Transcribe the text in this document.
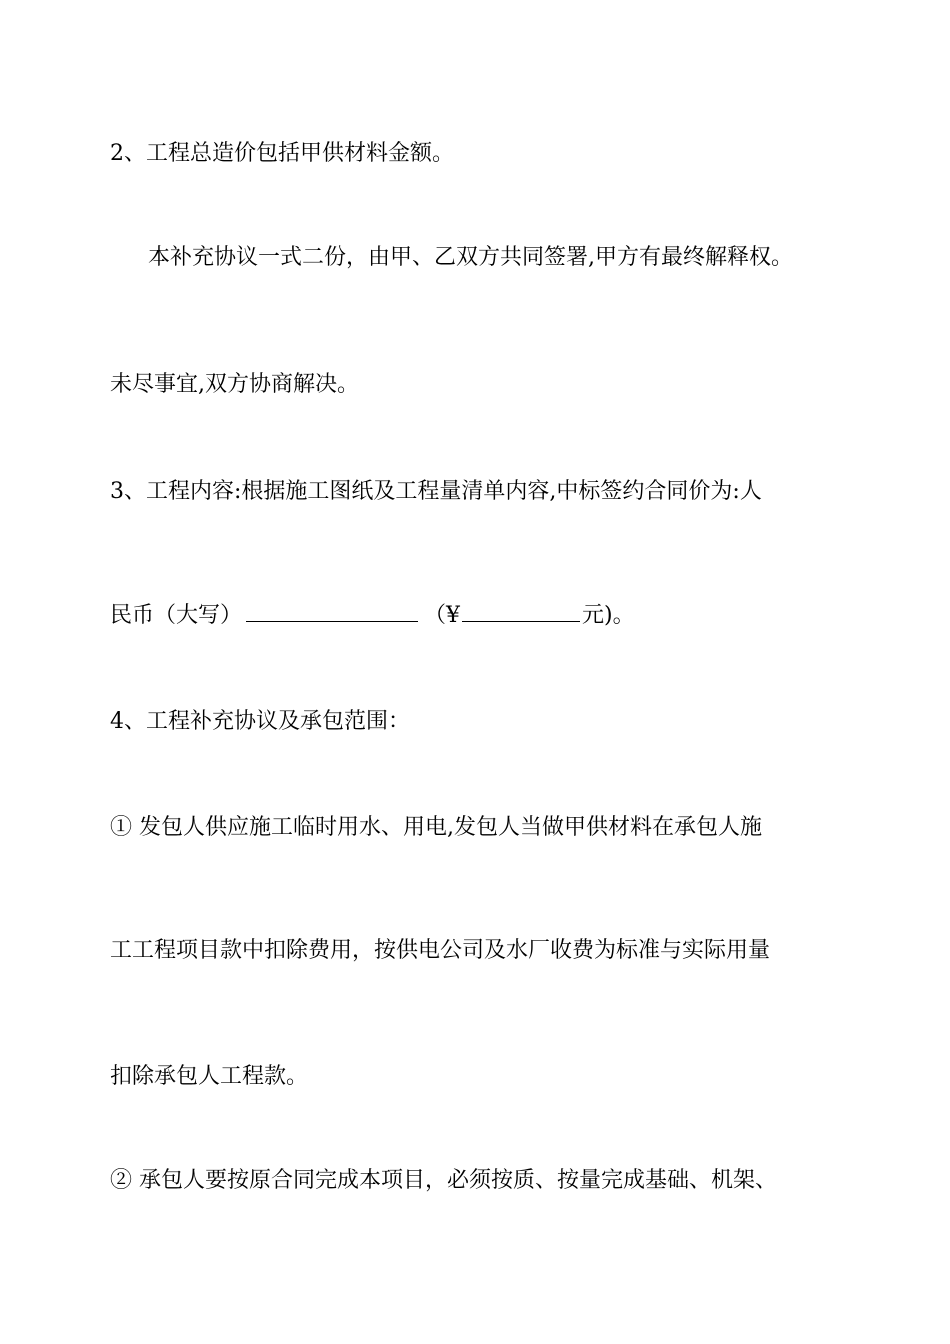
2、工程总造价包括甲供材料金额。
本补充协议一式二份，由甲、乙双方共同签署,甲方有最终解释权。
未尽事宜,双方协商解决。
3、工程内容:根据施工图纸及工程量清单内容,中标签约合同价为:人
民币（大写）	（¥	元)。
4、工程补充协议及承包范围：
① 发包人供应施工临时用水、用电,发包人当做甲供材料在承包人施
工工程项目款中扣除费用，按供电公司及水厂收费为标准与实际用量
扣除承包人工程款。
② 承包人要按原合同完成本项目，必须按质、按量完成基础、机架、
